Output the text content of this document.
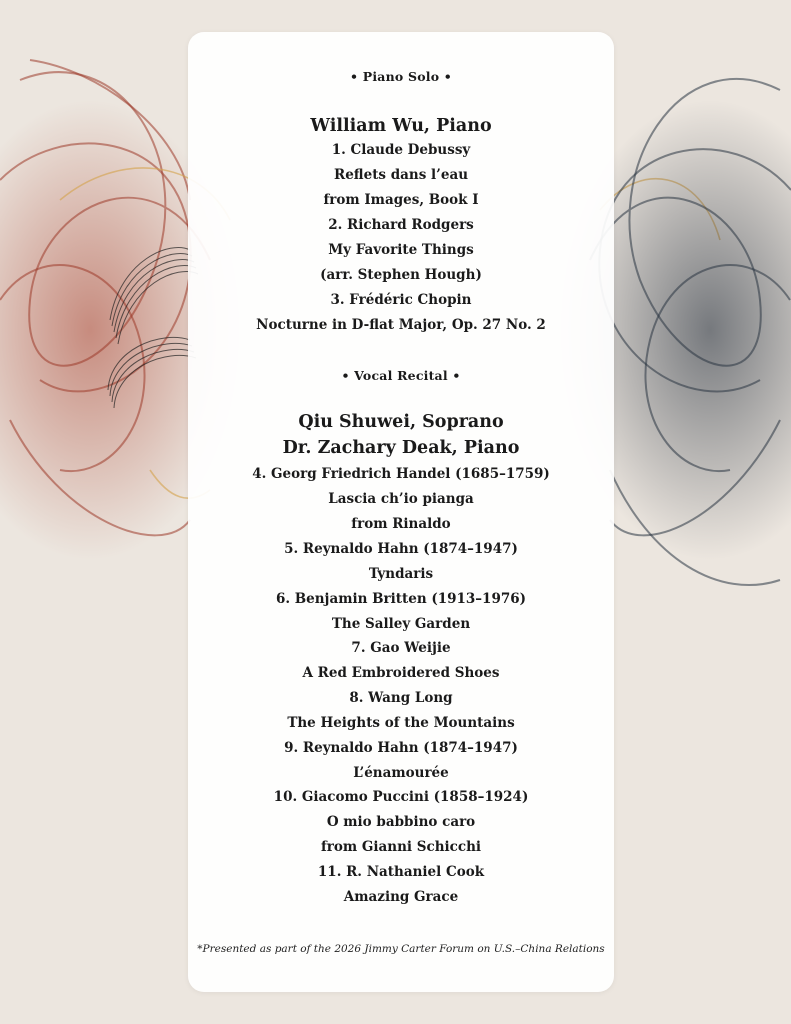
• Piano Solo •
William Wu, Piano
1. Claude Debussy
Reflets dans l’eau
from Images, Book I
2. Richard Rodgers
My Favorite Things
(arr. Stephen Hough)
3. Frédéric Chopin
Nocturne in D-flat Major, Op. 27 No. 2
• Vocal Recital •
Qiu Shuwei, Soprano
Dr. Zachary Deak, Piano
4. Georg Friedrich Handel (1685–1759)
Lascia ch’io pianga
from Rinaldo
5. Reynaldo Hahn (1874–1947)
Tyndaris
6. Benjamin Britten (1913–1976)
The Salley Garden
7. Gao Weijie
A Red Embroidered Shoes
8. Wang Long
The Heights of the Mountains
9. Reynaldo Hahn (1874–1947)
L’énamourée
10. Giacomo Puccini (1858–1924)
O mio babbino caro
from Gianni Schicchi
11. R. Nathaniel Cook
Amazing Grace
*Presented as part of the 2026 Jimmy Carter Forum on U.S.–China Relations
